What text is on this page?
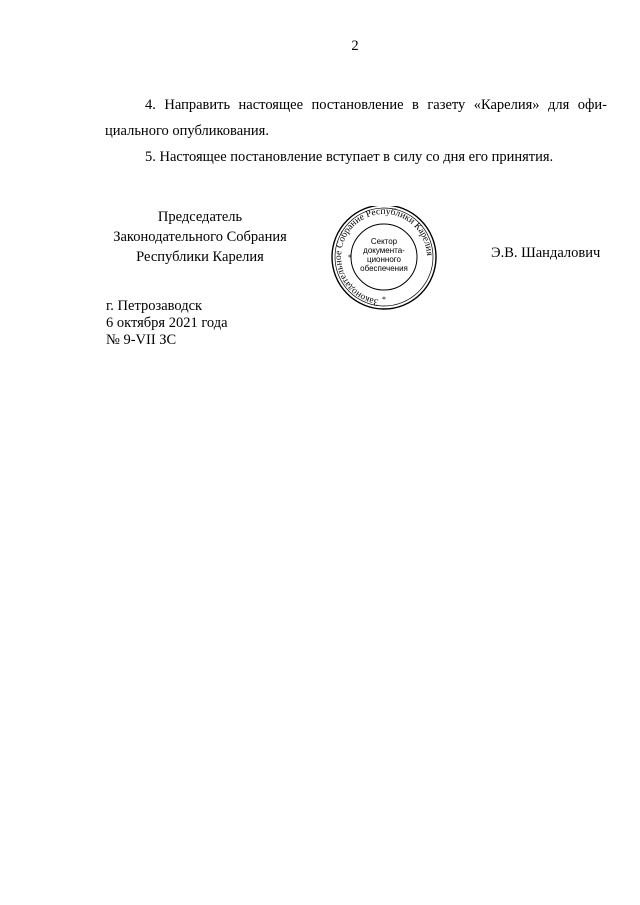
2
4. Направить настоящее постановление в газету «Карелия» для офи-
циального опубликования.
5. Настоящее постановление вступает в силу со дня его принятия.
Председатель
Законодательного Собрания
Республики Карелия
Законодательное Собрание Республики Карелия
*
*
Сектор
документа-
ционного
обеспечения
Э.В. Шандалович
г. Петрозаводск
6 октября 2021 года
№ 9-VII ЗС
